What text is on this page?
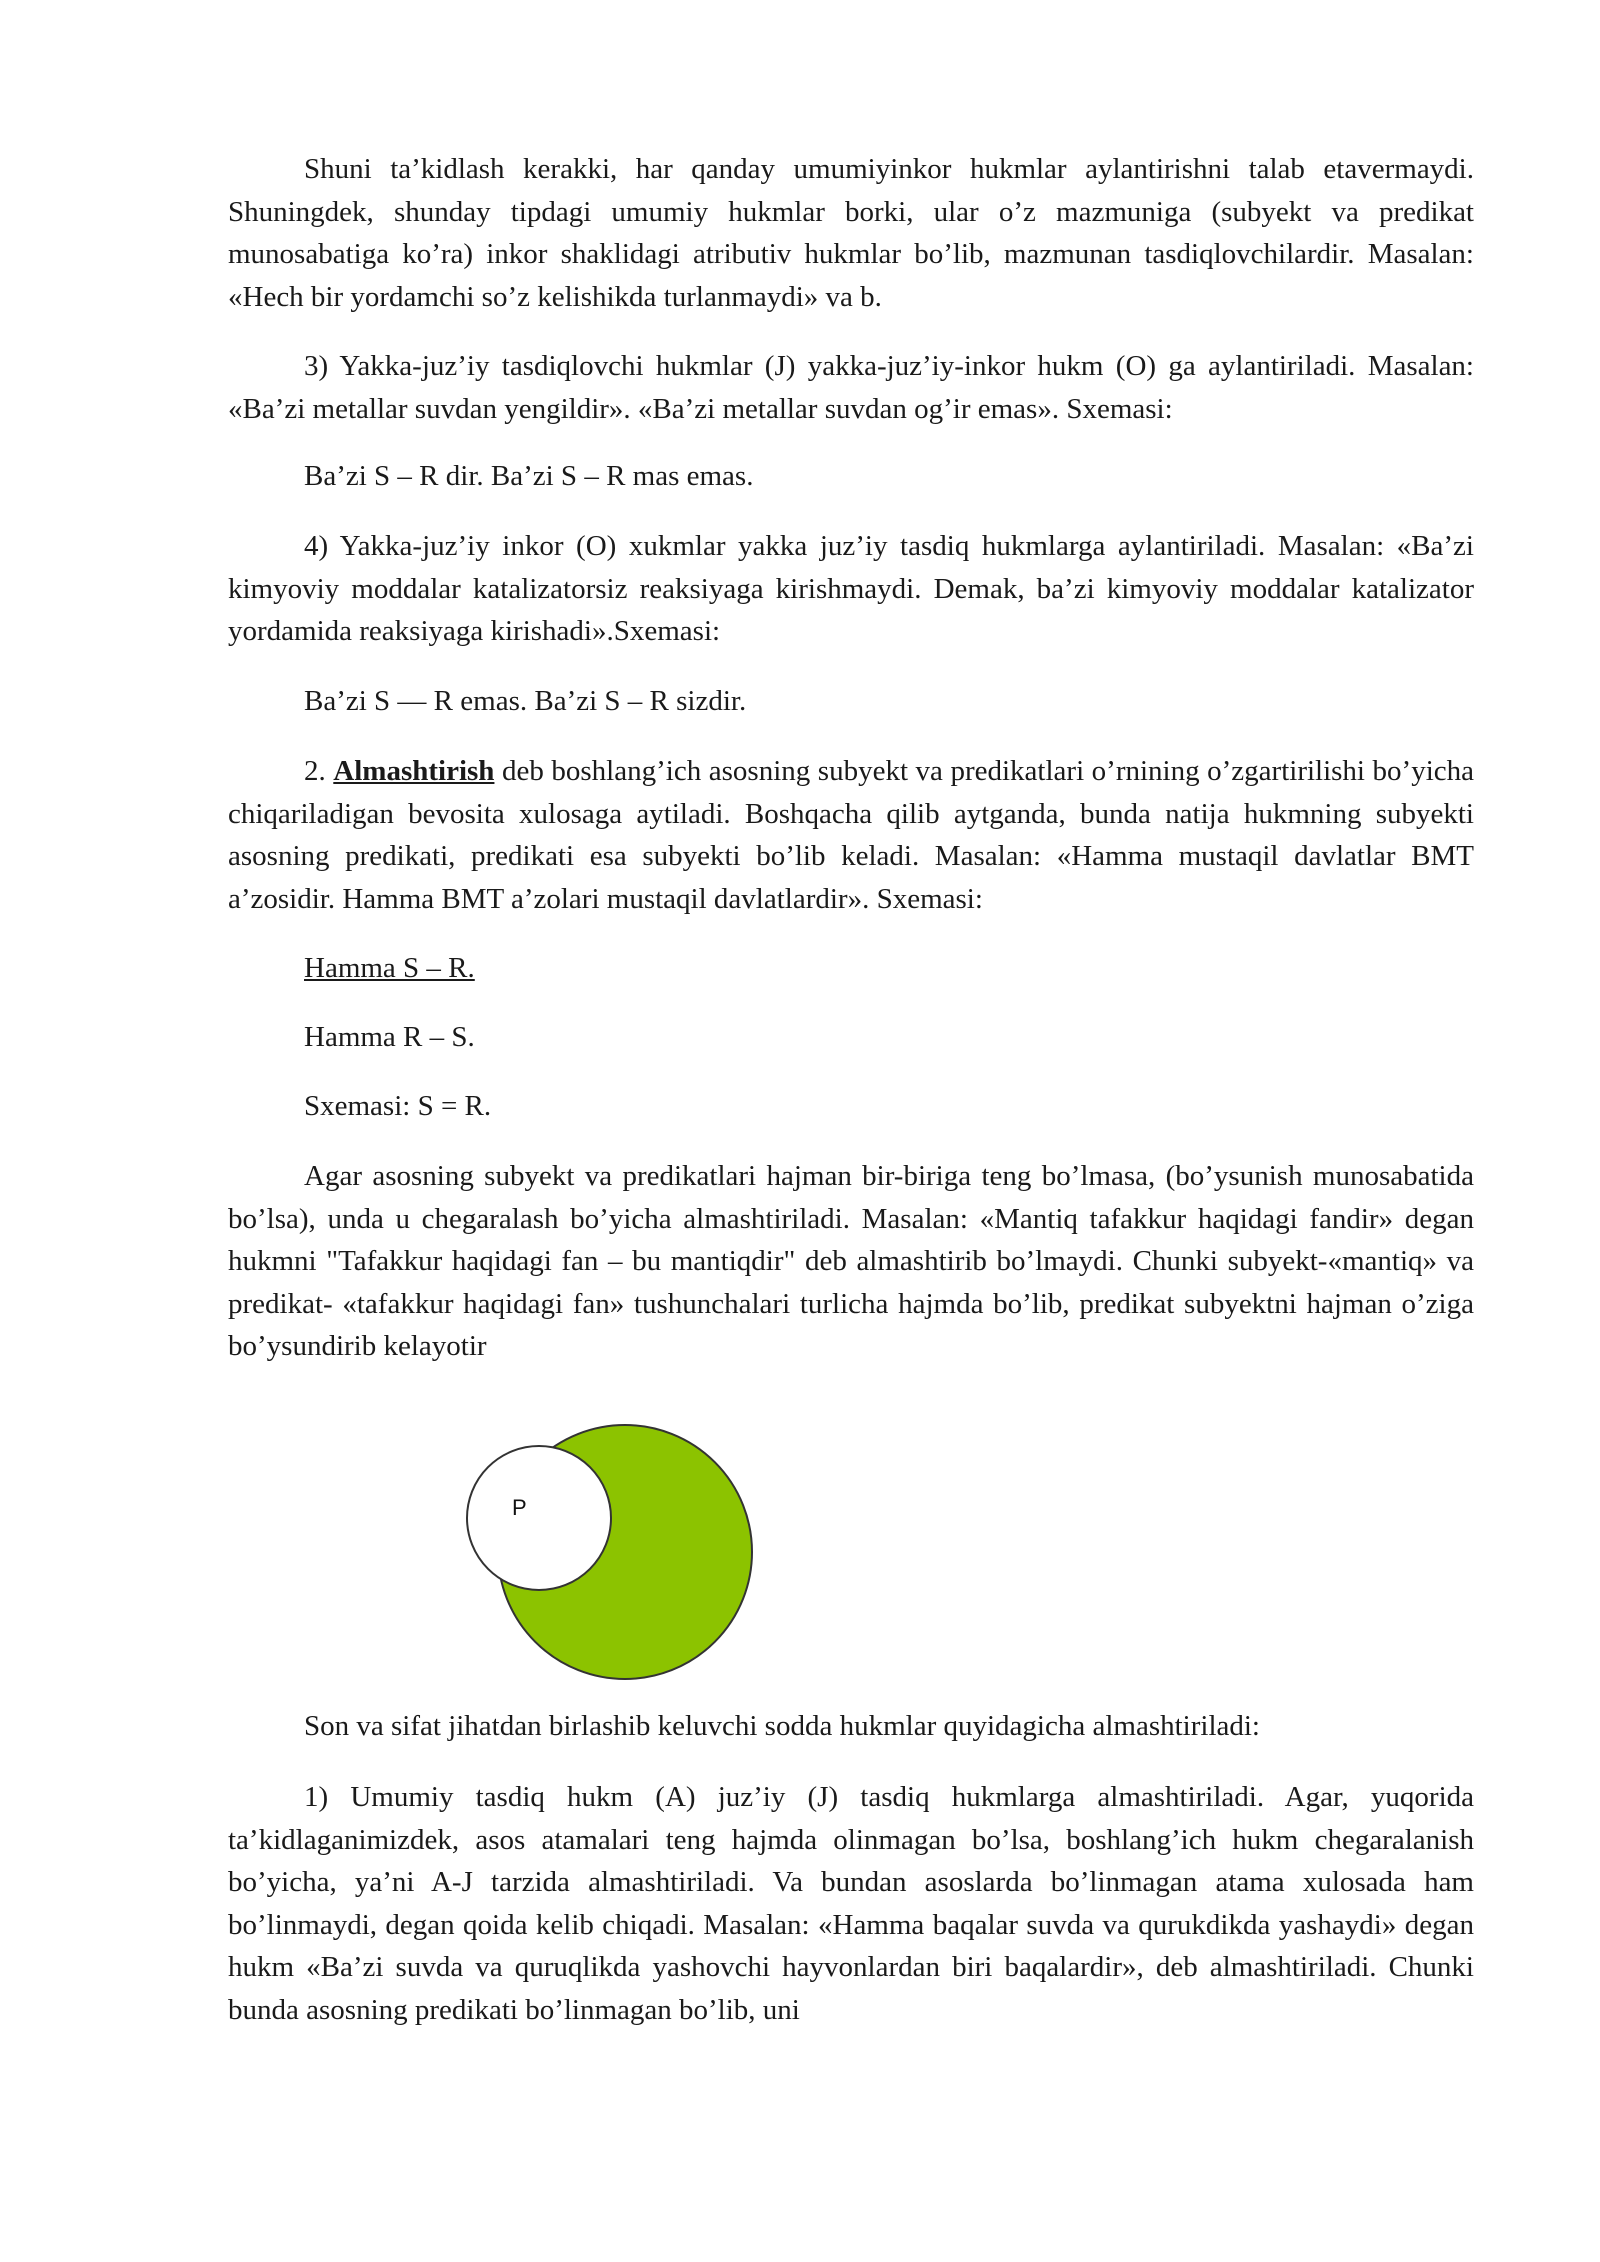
Shuni ta’kidlash kerakki, har qanday umumiyinkor hukmlar aylantirishni talab etavermaydi. Shuningdek, shunday tipdagi umumiy hukmlar borki, ular o’z mazmuniga (subyekt va predikat munosabatiga ko’ra) inkor shaklidagi atributiv hukmlar bo’lib, mazmunan tasdiqlovchilardir. Masalan: «Hech bir yordamchi so’z kelishikda turlanmaydi» va b.

3) Yakka-juz’iy tasdiqlovchi hukmlar (J) yakka-juz’iy-inkor hukm (O) ga aylantiriladi. Masalan: «Ba’zi metallar suvdan yengildir». «Ba’zi metallar suvdan og’ir emas». Sxemasi:

Ba’zi S – R dir. Ba’zi S – R mas emas.

4) Yakka-juz’iy inkor (O) xukmlar yakka juz’iy tasdiq hukmlarga aylantiriladi. Masalan: «Ba’zi kimyoviy moddalar katalizatorsiz reaksiyaga kirishmaydi. Demak, ba’zi kimyoviy moddalar katalizator yordamida reaksiyaga kirishadi».Sxemasi:

Ba’zi S — R emas. Ba’zi S – R sizdir.

2. Almashtirish deb boshlang’ich asosning subyekt va predikatlari o’rnining o’zgartirilishi bo’yicha chiqariladigan bevosita xulosaga aytiladi. Boshqacha qilib aytganda, bunda natija hukmning subyekti asosning predikati, predikati esa subyekti bo’lib keladi. Masalan: «Hamma mustaqil davlatlar BMT a’zosidir. Hamma BMT a’zolari mustaqil davlatlardir». Sxemasi:

Hamma S – R.

Hamma R – S.

Sxemasi: S = R.

Agar asosning subyekt va predikatlari hajman bir-biriga teng bo’lmasa, (bo’ysunish munosabatida bo’lsa), unda u chegaralash bo’yicha almashtiriladi. Masalan: «Mantiq tafakkur haqidagi fandir» degan hukmni "Tafakkur haqidagi fan – bu mantiqdir" deb almashtirib bo’lmaydi. Chunki subyekt-«mantiq» va predikat- «tafakkur haqidagi fan» tushunchalari turlicha hajmda bo’lib, predikat subyektni hajman o’ziga bo’ysundirib kelayotir

P

Son va sifat jihatdan birlashib keluvchi sodda hukmlar quyidagicha almashtiriladi:

1) Umumiy tasdiq hukm (A) juz’iy (J) tasdiq hukmlarga almashtiriladi. Agar, yuqorida ta’kidlaganimizdek, asos atamalari teng hajmda olinmagan bo’lsa, boshlang’ich hukm chegaralanish bo’yicha, ya’ni A-J tarzida almashtiriladi. Va bundan asoslarda bo’linmagan atama xulosada ham bo’linmaydi, degan qoida kelib chiqadi. Masalan: «Hamma baqalar suvda va qurukdikda yashaydi» degan hukm «Ba’zi suvda va quruqlikda yashovchi hayvonlardan biri baqalardir», deb almashtiriladi. Chunki bunda asosning predikati bo’linmagan bo’lib, uni
